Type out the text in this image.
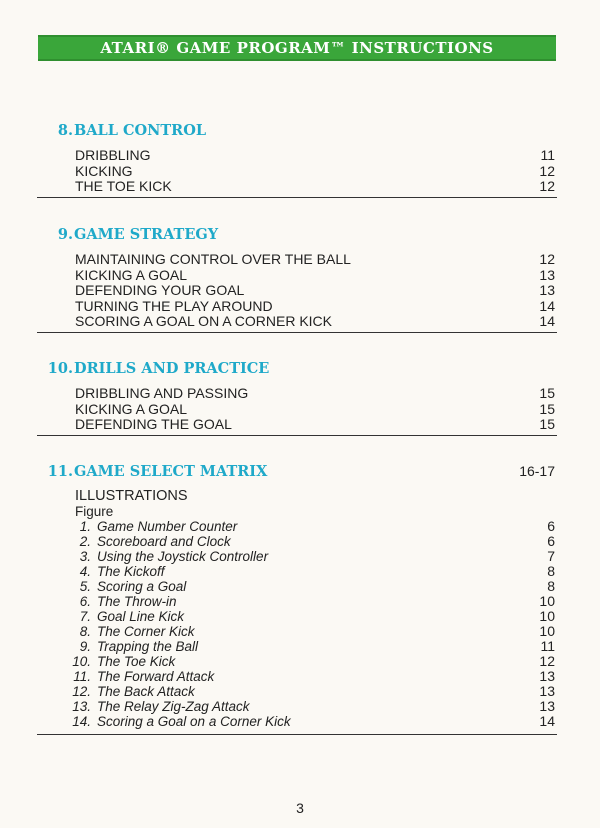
ATARI® GAME PROGRAM™ INSTRUCTIONS
8. BALL CONTROL
DRIBBLING	11
KICKING	12
THE TOE KICK	12
9. GAME STRATEGY
MAINTAINING CONTROL OVER THE BALL	12
KICKING A GOAL	13
DEFENDING YOUR GOAL	13
TURNING THE PLAY AROUND	14
SCORING A GOAL ON A CORNER KICK	14
10. DRILLS AND PRACTICE
DRIBBLING AND PASSING	15
KICKING A GOAL	15
DEFENDING THE GOAL	15
11. GAME SELECT MATRIX	16-17
ILLUSTRATIONS
Figure
1. Game Number Counter	6
2. Scoreboard and Clock	6
3. Using the Joystick Controller	7
4. The Kickoff	8
5. Scoring a Goal	8
6. The Throw-in	10
7. Goal Line Kick	10
8. The Corner Kick	10
9. Trapping the Ball	11
10. The Toe Kick	12
11. The Forward Attack	13
12. The Back Attack	13
13. The Relay Zig-Zag Attack	13
14. Scoring a Goal on a Corner Kick	14
3
